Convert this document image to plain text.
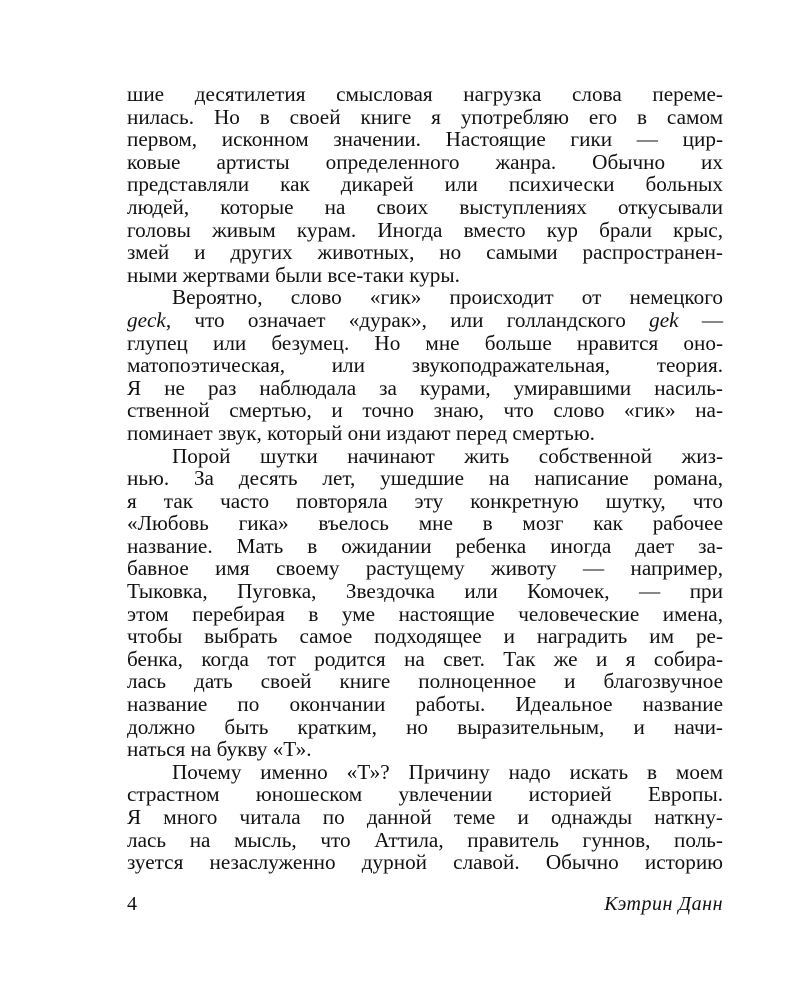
шие десятилетия смысловая нагрузка слова переме-
нилась. Но в своей книге я употребляю его в самом
первом, исконном значении. Настоящие гики — цир-
ковые артисты определенного жанра. Обычно их
представляли как дикарей или психически больных
людей, которые на своих выступлениях откусывали
головы живым курам. Иногда вместо кур брали крыс,
змей и других животных, но самыми распространен-
ными жертвами были все-таки куры.
Вероятно, слово «гик» происходит от немецкого
geck, что означает «дурак», или голландского gek —
глупец или безумец. Но мне больше нравится оно-
матопоэтическая, или звукоподражательная, теория.
Я не раз наблюдала за курами, умиравшими насиль-
ственной смертью, и точно знаю, что слово «гик» на-
поминает звук, который они издают перед смертью.
Порой шутки начинают жить собственной жиз-
нью. За десять лет, ушедшие на написание романа,
я так часто повторяла эту конкретную шутку, что
«Любовь гика» въелось мне в мозг как рабочее
название. Мать в ожидании ребенка иногда дает за-
бавное имя своему растущему животу — например,
Тыковка, Пуговка, Звездочка или Комочек, — при
этом перебирая в уме настоящие человеческие имена,
чтобы выбрать самое подходящее и наградить им ре-
бенка, когда тот родится на свет. Так же и я собира-
лась дать своей книге полноценное и благозвучное
название по окончании работы. Идеальное название
должно быть кратким, но выразительным, и начи-
наться на букву «Т».
Почему именно «Т»? Причину надо искать в моем
страстном юношеском увлечении историей Европы.
Я много читала по данной теме и однажды наткну-
лась на мысль, что Аттила, правитель гуннов, поль-
зуется незаслуженно дурной славой. Обычно историю
4	Кэтрин Данн
